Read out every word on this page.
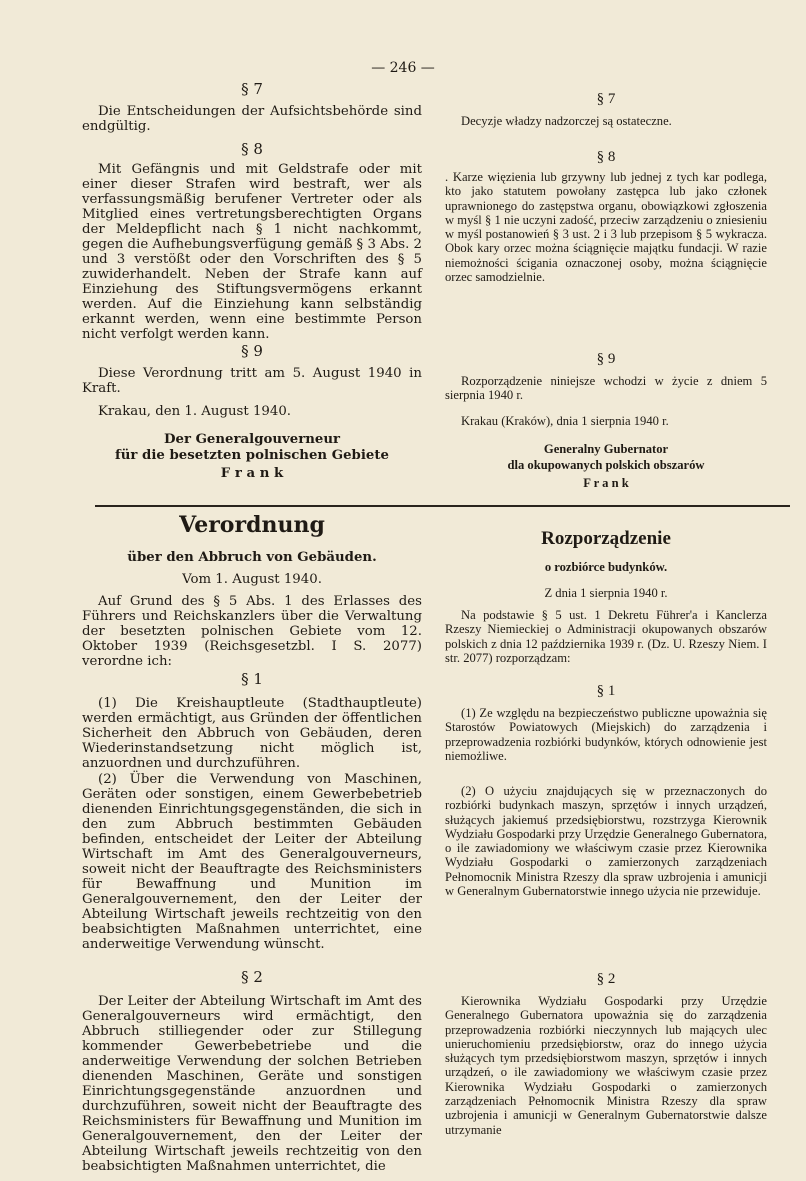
— 246 —
§ 7
Die Entscheidungen der Aufsichtsbehörde sind endgültig.
§ 8
Mit Gefängnis und mit Geldstrafe oder mit einer dieser Strafen wird bestraft, wer als verfassungsmäßig berufener Vertreter oder als Mitglied eines vertretungsberechtigten Organs der Meldepflicht nach § 1 nicht nachkommt, gegen die Aufhebungsverfügung gemäß § 3 Abs. 2 und 3 verstößt oder den Vorschriften des § 5 zuwiderhandelt. Neben der Strafe kann auf Einziehung des Stiftungsvermögens erkannt werden. Auf die Einziehung kann selbständig erkannt werden, wenn eine bestimmte Person nicht verfolgt werden kann.
§ 9
Diese Verordnung tritt am 5. August 1940 in Kraft.
Krakau, den 1. August 1940.
Der Generalgouverneur
für die besetzten polnischen Gebiete
F r a n k
§ 7
Decyzje władzy nadzorczej są ostateczne.
§ 8
. Karze więzienia lub grzywny lub jednej z tych kar podlega, kto jako statutem powołany zastępca lub jako członek uprawnionego do zastępstwa organu, obowiązkowi zgłoszenia w myśl § 1 nie uczyni zadość, przeciw zarządzeniu o zniesieniu w myśl postanowień § 3 ust. 2 i 3 lub przepisom § 5 wykracza. Obok kary orzec można ściągnięcie majątku fundacji. W razie niemożności ścigania oznaczonej osoby, można ściągnięcie orzec samodzielnie.
§ 9
Rozporządzenie niniejsze wchodzi w życie z dniem 5 sierpnia 1940 r.
Krakau (Kraków), dnia 1 sierpnia 1940 r.
Generalny Gubernator
dla okupowanych polskich obszarów
F r a n k
Verordnung
über den Abbruch von Gebäuden.
Vom 1. August 1940.
Auf Grund des § 5 Abs. 1 des Erlasses des Führers und Reichskanzlers über die Verwaltung der besetzten polnischen Gebiete vom 12. Oktober 1939 (Reichsgesetzbl. I S. 2077) verordne ich:
§ 1
(1) Die Kreishauptleute (Stadthauptleute) werden ermächtigt, aus Gründen der öffentlichen Sicherheit den Abbruch von Gebäuden, deren Wiederinstandsetzung nicht möglich ist, anzuordnen und durchzuführen.
(2) Über die Verwendung von Maschinen, Geräten oder sonstigen, einem Gewerbebetrieb dienenden Einrichtungsgegenständen, die sich in den zum Abbruch bestimmten Gebäuden befinden, entscheidet der Leiter der Abteilung Wirtschaft im Amt des Generalgouverneurs, soweit nicht der Beauftragte des Reichsministers für Bewaffnung und Munition im Generalgouvernement, den der Leiter der Abteilung Wirtschaft jeweils rechtzeitig von den beabsichtigten Maßnahmen unterrichtet, eine anderweitige Verwendung wünscht.
§ 2
Der Leiter der Abteilung Wirtschaft im Amt des Generalgouverneurs wird ermächtigt, den Abbruch stilliegender oder zur Stillegung kommender Gewerbebetriebe und die anderweitige Verwendung der solchen Betrieben dienenden Maschinen, Geräte und sonstigen Einrichtungsgegenstände anzuordnen und durchzuführen, soweit nicht der Beauftragte des Reichsministers für Bewaffnung und Munition im Generalgouvernement, den der Leiter der Abteilung Wirtschaft jeweils rechtzeitig von den beabsichtigten Maßnahmen unterrichtet, die
Rozporządzenie
o rozbiórce budynków.
Z dnia 1 sierpnia 1940 r.
Na podstawie § 5 ust. 1 Dekretu Führer'a i Kanclerza Rzeszy Niemieckiej o Administracji okupowanych obszarów polskich z dnia 12 października 1939 r. (Dz. U. Rzeszy Niem. I str. 2077) rozporządzam:
§ 1
(1) Ze względu na bezpieczeństwo publiczne upoważnia się Starostów Powiatowych (Miejskich) do zarządzenia i przeprowadzenia rozbiórki budynków, których odnowienie jest niemożliwe.
(2) O użyciu znajdujących się w przeznaczonych do rozbiórki budynkach maszyn, sprzętów i innych urządzeń, służących jakiemuś przedsiębiorstwu, rozstrzyga Kierownik Wydziału Gospodarki przy Urzędzie Generalnego Gubernatora, o ile zawiadomiony we właściwym czasie przez Kierownika Wydziału Gospodarki o zamierzonych zarządzeniach Pełnomocnik Ministra Rzeszy dla spraw uzbrojenia i amunicji w Generalnym Gubernatorstwie innego użycia nie przewiduje.
§ 2
Kierownika Wydziału Gospodarki przy Urzędzie Generalnego Gubernatora upoważnia się do zarządzenia przeprowadzenia rozbiórki nieczynnych lub mających ulec unieruchomieniu przedsiębiorstw, oraz do innego użycia służących tym przedsiębiorstwom maszyn, sprzętów i innych urządzeń, o ile zawiadomiony we właściwym czasie przez Kierownika Wydziału Gospodarki o zamierzonych zarządzeniach Pełnomocnik Ministra Rzeszy dla spraw uzbrojenia i amunicji w Generalnym Gubernatorstwie dalsze utrzymanie
